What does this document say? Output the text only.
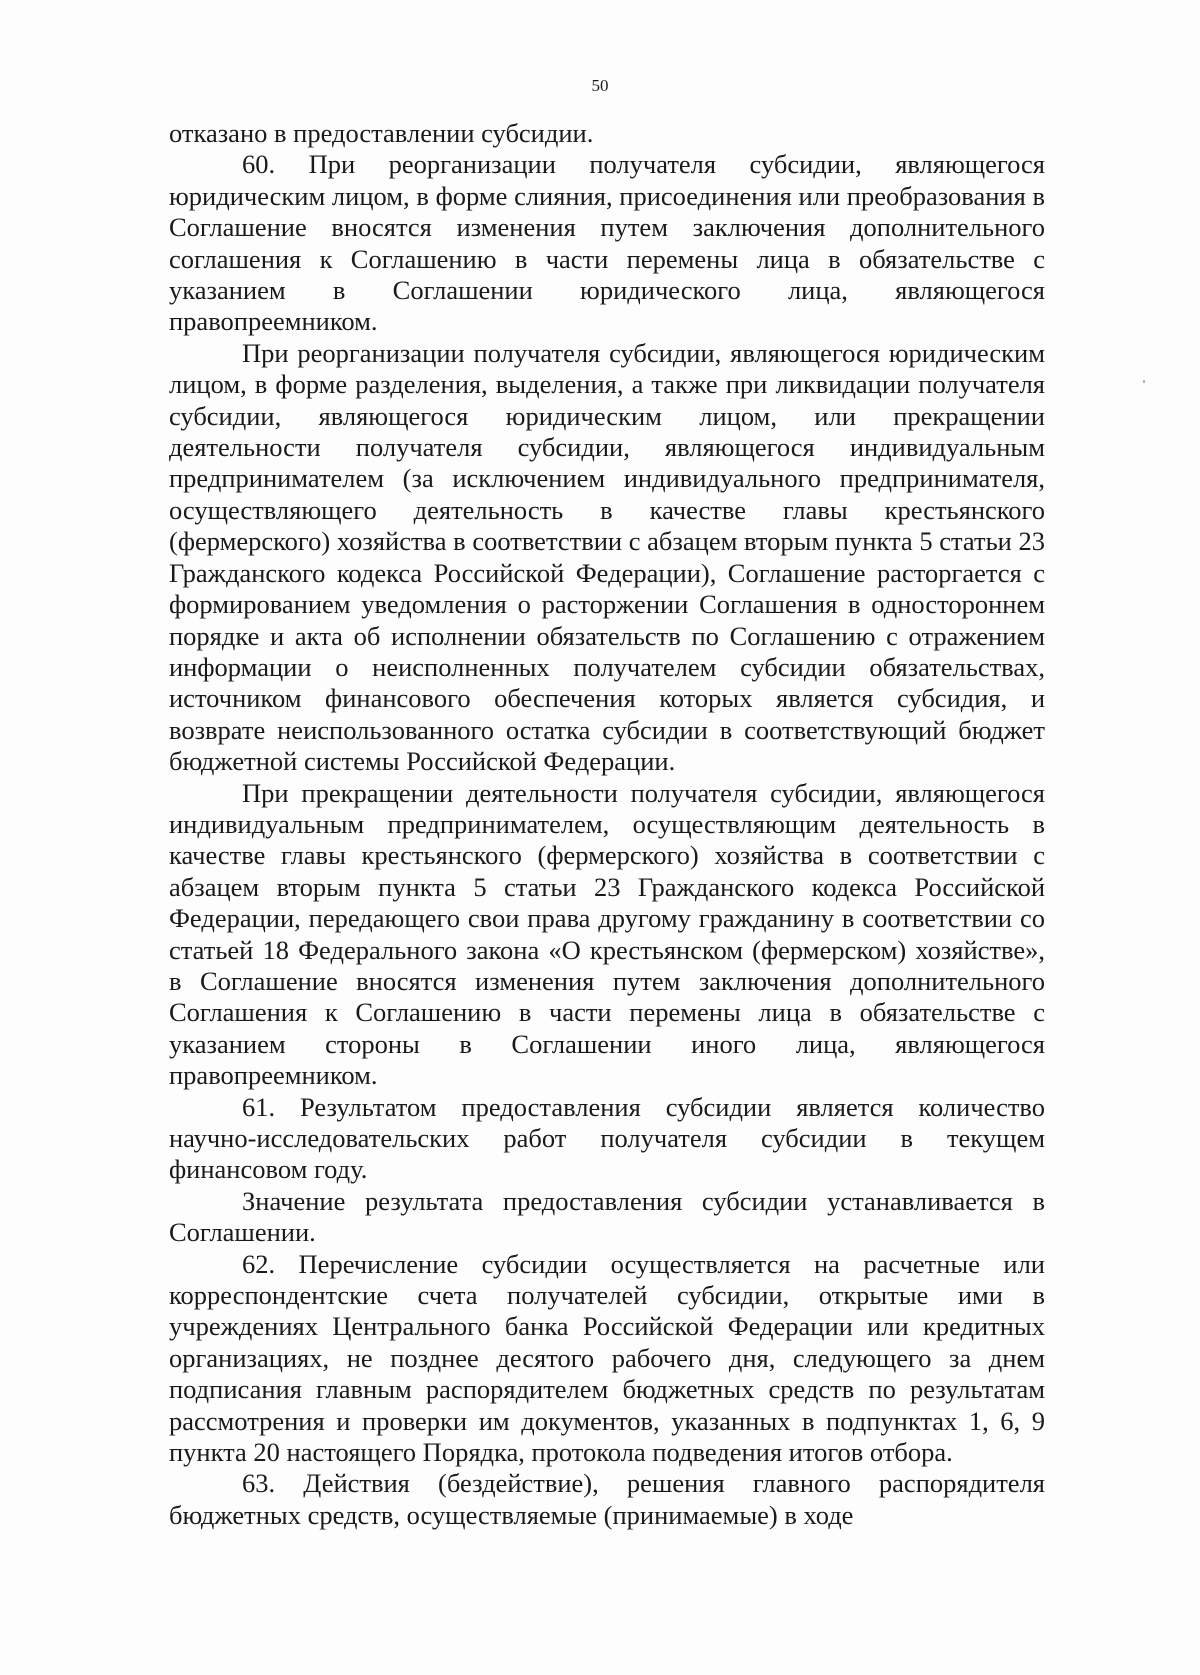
50

отказано в предоставлении субсидии.

60. При реорганизации получателя субсидии, являющегося юридическим лицом, в форме слияния, присоединения или преобразования в Соглашение вносятся изменения путем заключения дополнительного соглашения к Соглашению в части перемены лица в обязательстве с указанием в Соглашении юридического лица, являющегося правопреемником.

При реорганизации получателя субсидии, являющегося юридическим лицом, в форме разделения, выделения, а также при ликвидации получателя субсидии, являющегося юридическим лицом, или прекращении деятельности получателя субсидии, являющегося индивидуальным предпринимателем (за исключением индивидуального предпринимателя, осуществляющего деятельность в качестве главы крестьянского (фермерского) хозяйства в соответствии с абзацем вторым пункта 5 статьи 23 Гражданского кодекса Российской Федерации), Соглашение расторгается с формированием уведомления о расторжении Соглашения в одностороннем порядке и акта об исполнении обязательств по Соглашению с отражением информации о неисполненных получателем субсидии обязательствах, источником финансового обеспечения которых является субсидия, и возврате неиспользованного остатка субсидии в соответствующий бюджет бюджетной системы Российской Федерации.

При прекращении деятельности получателя субсидии, являющегося индивидуальным предпринимателем, осуществляющим деятельность в качестве главы крестьянского (фермерского) хозяйства в соответствии с абзацем вторым пункта 5 статьи 23 Гражданского кодекса Российской Федерации, передающего свои права другому гражданину в соответствии со статьей 18 Федерального закона «О крестьянском (фермерском) хозяйстве», в Соглашение вносятся изменения путем заключения дополнительного Соглашения к Соглашению в части перемены лица в обязательстве с указанием стороны в Соглашении иного лица, являющегося правопреемником.

61. Результатом предоставления субсидии является количество научно-исследовательских работ получателя субсидии в текущем финансовом году.

Значение результата предоставления субсидии устанавливается в Соглашении.

62. Перечисление субсидии осуществляется на расчетные или корреспондентские счета получателей субсидии, открытые ими в учреждениях Центрального банка Российской Федерации или кредитных организациях, не позднее десятого рабочего дня, следующего за днем подписания главным распорядителем бюджетных средств по результатам рассмотрения и проверки им документов, указанных в подпунктах 1, 6, 9 пункта 20 настоящего Порядка, протокола подведения итогов отбора.

63. Действия (бездействие), решения главного распорядителя бюджетных средств, осуществляемые (принимаемые) в ходе
